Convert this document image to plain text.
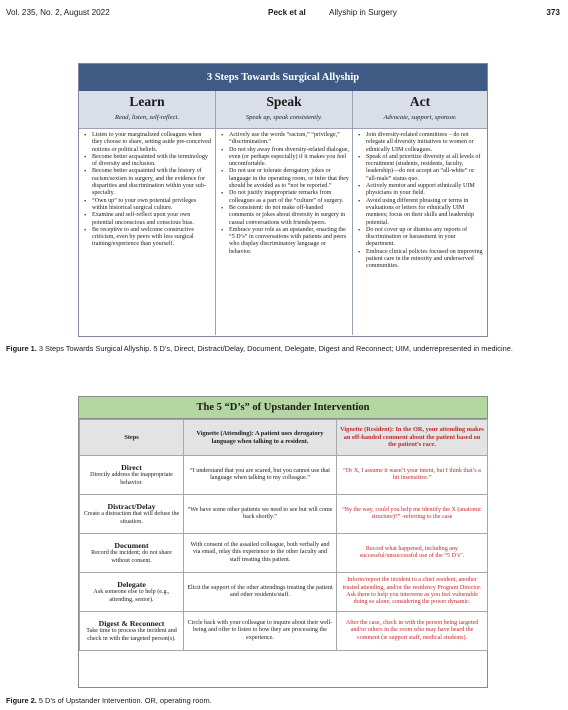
Vol. 235, No. 2, August 2022	Peck et al	Allyship in Surgery	373
3 Steps Towards Surgical Allyship
Learn
Read, listen, self-reflect.
Speak
Speak up, speak consistently.
Act
Advocate, support, sponsor.
• Listen to your marginalized colleagues when they choose to share, setting aside pre-conceived notions or political beliefs.
• Become better acquainted with the terminology of diversity and inclusion.
• Become better acquainted with the history of racism/sexism in surgery, and the evidence for disparities and discrimination within your sub-specialty.
• “Own up” to your own potential privileges within historical surgical culture.
• Examine and self-reflect upon your own potential unconscious and conscious bias.
• Be receptive to and welcome constructive criticism, even by peers with less surgical training/experience than yourself.
• Actively use the words “racism,” “privilege,” “discrimination.”
• Do not shy away from diversity-related dialogue, even (or perhaps especially) if it makes you feel uncomfortable.
• Do not use or tolerate derogatory jokes or language in the operating room, or infer that they should be avoided as to “not be reported.”
• Do not justify inappropriate remarks from colleagues as a part of the “culture” of surgery.
• Be consistent: do not make off-handed comments or jokes about diversity in surgery in casual conversations with friends/peers.
• Embrace your role as an upstander, enacting the “5 D’s” in conversations with patients and peers who display discriminatory language or behavior.
• Join diversity-related committees – do not relegate all diversity initiatives to women or ethnically UIM colleagues.
• Speak of and prioritize diversity at all levels of recruitment (students, residents, faculty, leadership)—do not accept an “all-white” or “all-male” status quo.
• Actively mentor and support ethnically UIM physicians in your field.
• Avoid using different phrasing or terms in evaluations or letters for ethnically UIM mentees; focus on their skills and leadership potential.
• Do not cover up or dismiss any reports of discrimination or harassment in your department.
• Embrace clinical policies focused on improving patient care in the minority and underserved communities.
Figure 1. 3 Steps Towards Surgical Allyship. 5 D’s, Direct, Distract/Delay, Document, Delegate, Digest and Reconnect; UIM, underrepresented in medicine.
The 5 “D’s” of Upstander Intervention
Steps	Vignette (Attending): A patient uses derogatory language when talking to a resident.	Vignette (Resident): In the OR, your attending makes an off-handed comment about the patient based on the patient’s race.

Direct
Directly address the inappropriate behavior.	“I understand that you are scared, but you cannot use that language when talking to my colleague.”	“Dr X, I assume it wasn’t your intent, but I think that’s a bit insensitive.”

Distract/Delay
Create a distraction that will defuse the situation.	“We have some other patients we need to see but will come back shortly.”	“By the way, could you help me identify the X (anatomic structure)?” -referring to the case

Document
Record the incident; do not share without consent.	With consent of the assailed colleague, both verbally and via email, relay this experience to the other faculty and staff treating this patient.	Record what happened, including any successful/unsuccessful use of the “5 D’s”.

Delegate
Ask someone else to help (e.g., attending, senior).	Elicit the support of the other attendings treating the patient and other residents/staff.	Inform/report the incident to a chief resident, another trusted attending, and/or the residency Program Director. Ask them to help you intervene as you feel vulnerable doing so alone, considering the power dynamic.

Digest & Reconnect
Take time to process the incident and check in with the targeted person(s).	Circle back with your colleague to inquire about their well-being and offer to listen to how they are processing the experience.	After the case, check in with the person being targeted and/or others in the room who may have heard the comment (ie support staff, medical students).
Figure 2. 5 D’s of Upstander Intervention. OR, operating room.
